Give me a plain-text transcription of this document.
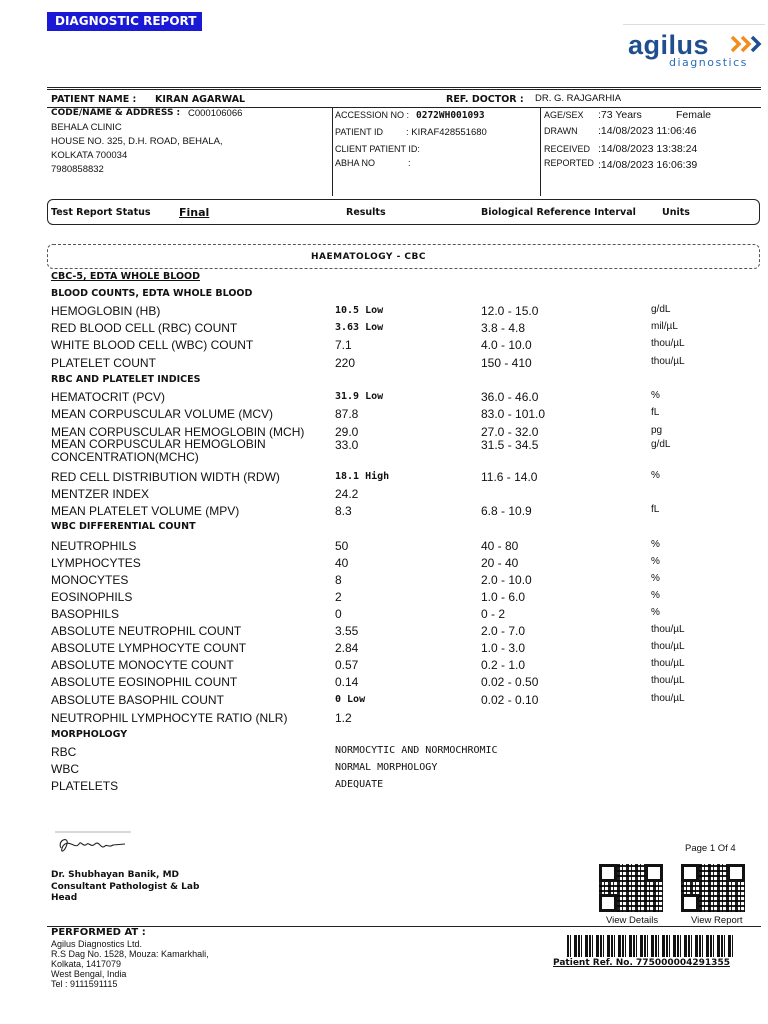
DIAGNOSTIC REPORT
agilus
diagnostics
PATIENT NAME : KIRAN AGARWAL	REF. DOCTOR : DR. G. RAJGARHIA
CODE/NAME & ADDRESS : C000106066
BEHALA CLINIC
HOUSE NO. 325, D.H. ROAD, BEHALA,
KOLKATA 700034
7980858832
ACCESSION NO : 0272WH001093
PATIENT ID : KIRAF428551680
CLIENT PATIENT ID:
ABHA NO	:
AGE/SEX :73 Years	Female
DRAWN :14/08/2023 11:06:46
RECEIVED :14/08/2023 13:38:24
REPORTED :14/08/2023 16:06:39
Test Report Status	Final	Results	Biological Reference Interval	Units
HAEMATOLOGY - CBC
CBC-5, EDTA WHOLE BLOOD
BLOOD COUNTS, EDTA WHOLE BLOOD
HEMOGLOBIN (HB)	10.5 Low	12.0 - 15.0	g/dL
RED BLOOD CELL (RBC) COUNT	3.63 Low	3.8 - 4.8	mil/µL
WHITE BLOOD CELL (WBC) COUNT	7.1	4.0 - 10.0	thou/µL
PLATELET COUNT	220	150 - 410	thou/µL
RBC AND PLATELET INDICES
HEMATOCRIT (PCV)	31.9 Low	36.0 - 46.0	%
MEAN CORPUSCULAR VOLUME (MCV)	87.8	83.0 - 101.0	fL
MEAN CORPUSCULAR HEMOGLOBIN (MCH)	29.0	27.0 - 32.0	pg
MEAN CORPUSCULAR HEMOGLOBIN
CONCENTRATION(MCHC)
33.0	31.5 - 34.5	g/dL
RED CELL DISTRIBUTION WIDTH (RDW)	18.1 High	11.6 - 14.0	%
MENTZER INDEX	24.2
MEAN PLATELET VOLUME (MPV)	8.3	6.8 - 10.9	fL
WBC DIFFERENTIAL COUNT
NEUTROPHILS	50	40 - 80	%
LYMPHOCYTES	40	20 - 40	%
MONOCYTES	8	2.0 - 10.0	%
EOSINOPHILS	2	1.0 - 6.0	%
BASOPHILS	0	0 - 2	%
ABSOLUTE NEUTROPHIL COUNT	3.55	2.0 - 7.0	thou/µL
ABSOLUTE LYMPHOCYTE COUNT	2.84	1.0 - 3.0	thou/µL
ABSOLUTE MONOCYTE COUNT	0.57	0.2 - 1.0	thou/µL
ABSOLUTE EOSINOPHIL COUNT	0.14	0.02 - 0.50	thou/µL
ABSOLUTE BASOPHIL COUNT	0 Low	0.02 - 0.10	thou/µL
NEUTROPHIL LYMPHOCYTE RATIO (NLR)	1.2
MORPHOLOGY
RBC	NORMOCYTIC AND NORMOCHROMIC
WBC	NORMAL MORPHOLOGY
PLATELETS	ADEQUATE
Dr. Shubhayan Banik, MD
Consultant Pathologist & Lab
Head
Page 1 Of 4
View Details	View Report
PERFORMED AT :
Agilus Diagnostics Ltd.
R.S Dag No. 1528, Mouza: Kamarkhali,
Kolkata, 1417079
West Bengal, India
Tel : 9111591115
Patient Ref. No. 775000004291355
